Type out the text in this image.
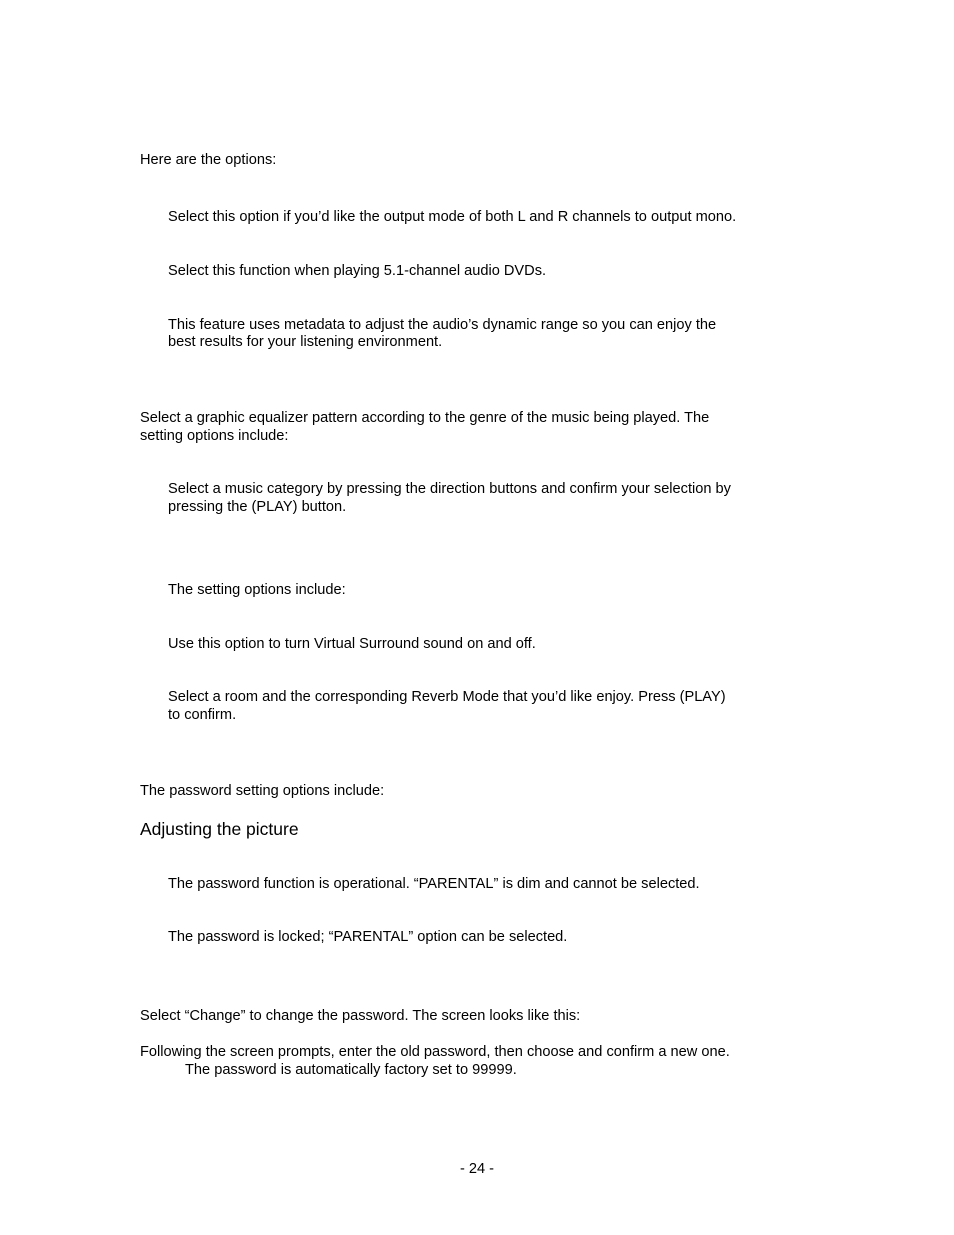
Here are the options:

Select this option if you’d like the output mode of both L and R channels to output mono.

Select this function when playing 5.1-channel audio DVDs.

This feature uses metadata to adjust the audio’s dynamic range so you can enjoy the

best results for your listening environment.

Select a graphic equalizer pattern according to the genre of the music being played. The

setting options include:

Select a music category by pressing the direction buttons and confirm your selection by

pressing the (PLAY) button.

The setting options include:

Use this option to turn Virtual Surround sound on and off.

Select a room and the corresponding Reverb Mode that you’d like enjoy. Press (PLAY)

to confirm.

The password setting options include:

Adjusting the picture

The password function is operational. “PARENTAL” is dim and cannot be selected.

The password is locked; “PARENTAL” option can be selected.

Select “Change” to change the password. The screen looks like this:

Following the screen prompts, enter the old password, then choose and confirm a new one.

The password is automatically factory set to 99999.

- 24 -
